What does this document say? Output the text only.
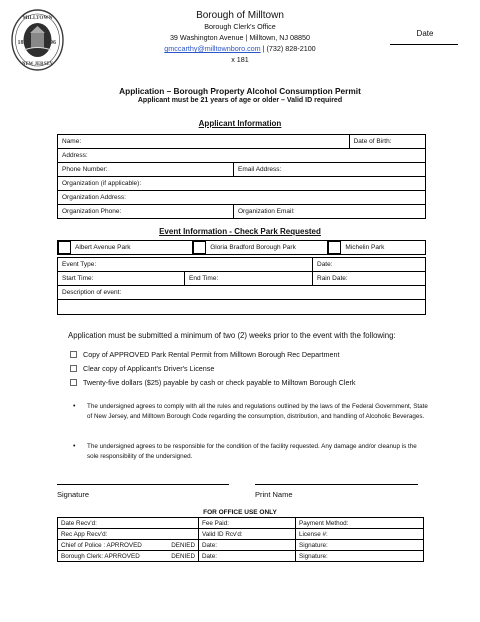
MILLTOWN
18	96
NEW JERSEY
Borough of Milltown
Borough Clerk's Office
39 Washington Avenue | Milltown, NJ 08850
gmccarthy@milltownboro.com | (732) 828-2100
x 181
Date
Application – Borough Property Alcohol Consumption Permit
Applicant must be 21 years of age or older – Valid ID required
Applicant Information
Name:		Date of Birth:
Address:		
Phone Number:	Email Address:	
Organization (if applicable):		
Organization Address:		
Organization Phone:	Organization Email:	
Event Information - Check Park Requested
Albert Avenue Park	Gloria Bradford Borough Park	Michelin Park
Event Type:		Date:
Start Time:	End Time:	Rain Date:
Description of event:		

Application must be submitted a minimum of two (2) weeks prior to the event with the following:
Copy of APPROVED Park Rental Permit from Milltown Borough Rec Department
Clear copy of Applicant's Driver's License
Twenty-five dollars ($25) payable by cash or check payable to Milltown Borough Clerk
•	The undersigned agrees to comply with all the rules and regulations outlined by the laws of the Federal Government, State of New Jersey, and Milltown Borough Code regarding the consumption, distribution, and handling of Alcoholic Beverages.
•	The undersigned agrees to be responsible for the condition of the facility requested. Any damage and/or cleanup is the sole responsibility of the undersigned.
Signature	Print Name
FOR OFFICE USE ONLY
Date Recv'd:	Fee Paid:	Payment Method:
Rec App Recv'd:	Valid ID Rcv'd:	License #:

Chief of Police : APRROVED DENIED	Date:	Signature:

Borough Clerk: APRROVED DENIED	Date:	Signature:
